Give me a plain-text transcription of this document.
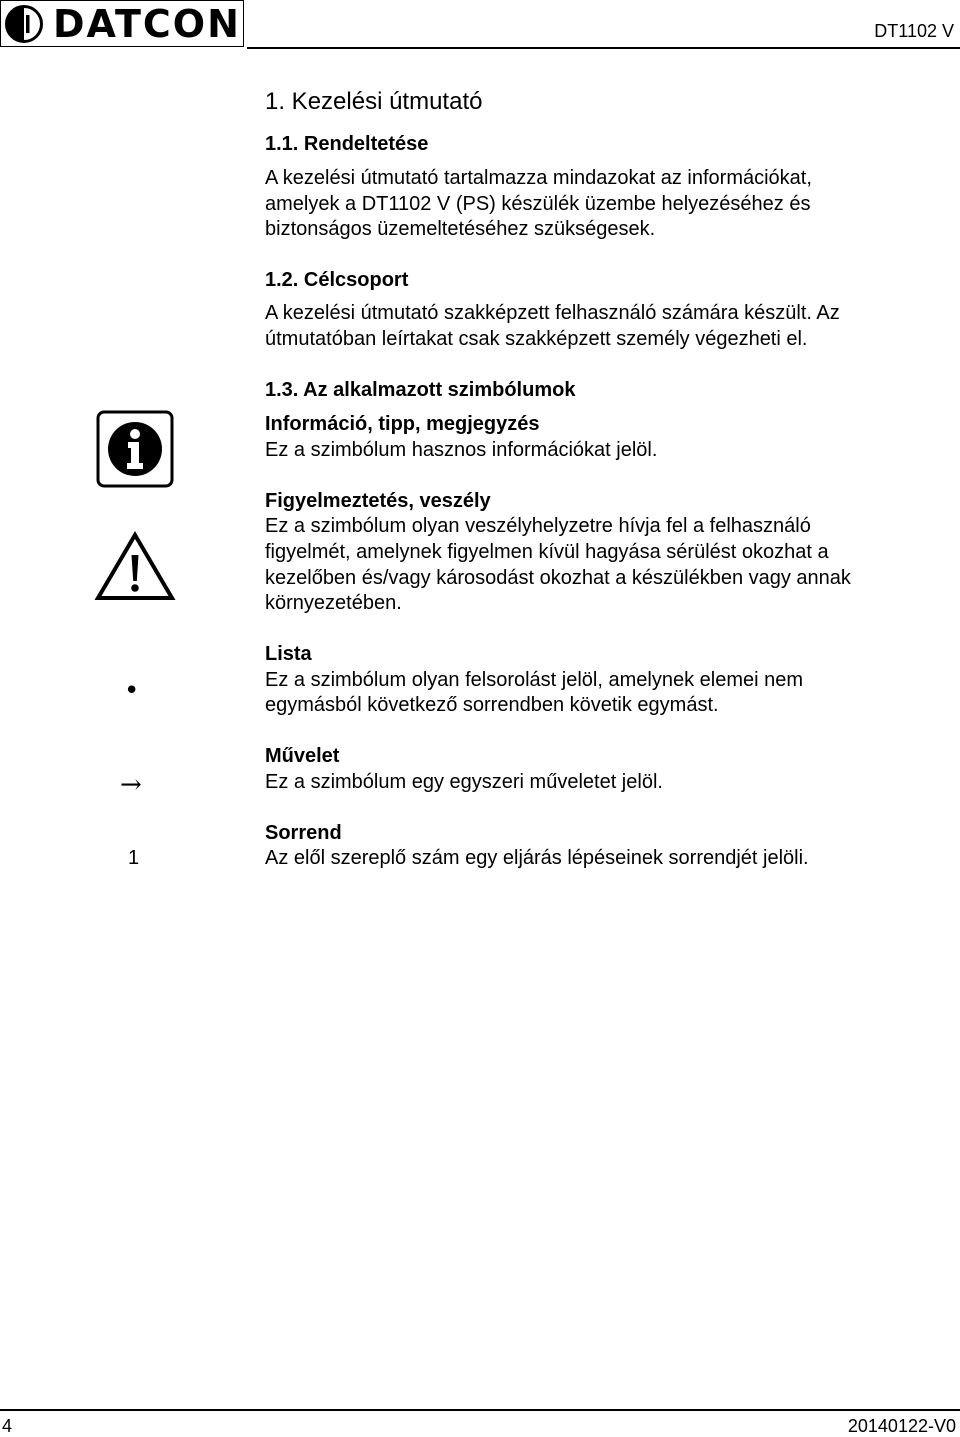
DATCON	DT1102 V
1. Kezelési útmutató
1.1. Rendeltetése
A kezelési útmutató tartalmazza mindazokat az információkat,
amelyek a DT1102 V (PS) készülék üzembe helyezéséhez és
biztonságos üzemeltetéséhez szükségesek.
1.2. Célcsoport
A kezelési útmutató szakképzett felhasználó számára készült. Az
útmutatóban leírtakat csak szakképzett személy végezheti el.
1.3. Az alkalmazott szimbólumok
Információ, tipp, megjegyzés
Ez a szimbólum hasznos információkat jelöl.
Figyelmeztetés, veszély
Ez a szimbólum olyan veszélyhelyzetre hívja fel a felhasználó
figyelmét, amelynek figyelmen kívül hagyása sérülést okozhat a
kezelőben és/vagy károsodást okozhat a készülékben vagy annak
környezetében.
•
Lista
Ez a szimbólum olyan felsorolást jelöl, amelynek elemei nem
egymásból következő sorrendben követik egymást.
→
Művelet
Ez a szimbólum egy egyszeri műveletet jelöl.
1
Sorrend
Az elől szereplő szám egy eljárás lépéseinek sorrendjét jelöli.
4	20140122-V0
